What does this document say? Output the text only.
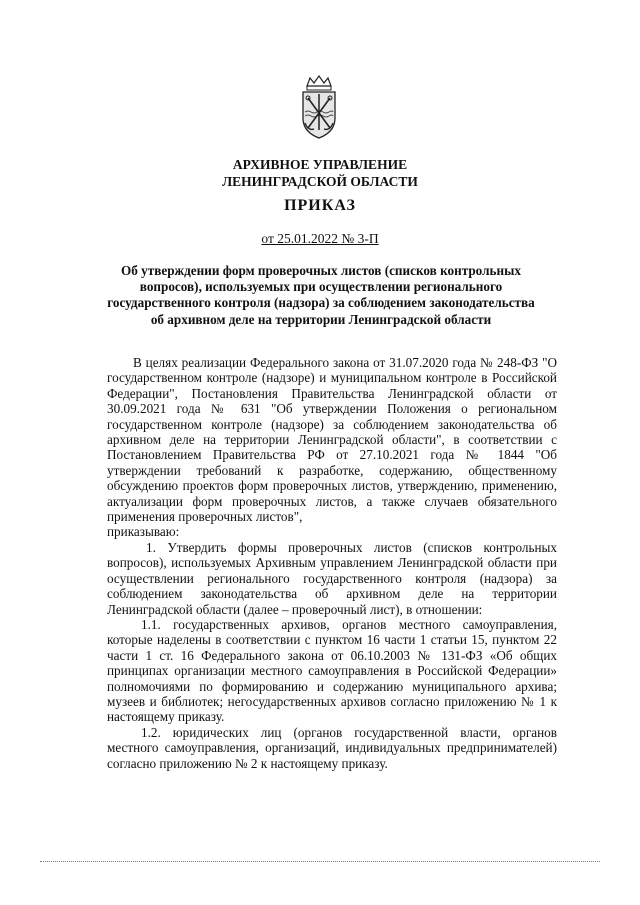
АРХИВНОЕ УПРАВЛЕНИЕ
ЛЕНИНГРАДСКОЙ ОБЛАСТИ
ПРИКАЗ
от 25.01.2022 № 3-П
Об утверждении форм проверочных листов (списков контрольных вопросов), используемых при осуществлении регионального государственного контроля (надзора) за соблюдением законодательства об архивном деле на территории Ленинградской области

В целях реализации Федерального закона от 31.07.2020 года № 248-ФЗ "О государственном контроле (надзоре) и муниципальном контроле в Российской Федерации", Постановления Правительства Ленинградской области от 30.09.2021 года № 631 "Об утверждении Положения о региональном государственном контроле (надзоре) за соблюдением законодательства об архивном деле на территории Ленинградской области", в соответствии с Постановлением Правительства РФ от 27.10.2021 года № 1844 "Об утверждении требований к разработке, содержанию, общественному обсуждению проектов форм проверочных листов, утверждению, применению, актуализации форм проверочных листов, а также случаев обязательного применения проверочных листов",

приказываю:

1. Утвердить формы проверочных листов (списков контрольных вопросов), используемых Архивным управлением Ленинградской области при осуществлении регионального государственного контроля (надзора) за соблюдением законодательства об архивном деле на территории Ленинградской области (далее – проверочный лист), в отношении:

1.1. государственных архивов, органов местного самоуправления, которые наделены в соответствии с пунктом 16 части 1 статьи 15, пунктом 22 части 1 ст. 16 Федерального закона от 06.10.2003 № 131-ФЗ «Об общих принципах организации местного самоуправления в Российской Федерации» полномочиями по формированию и содержанию муниципального архива; музеев и библиотек; негосударственных архивов согласно приложению № 1 к настоящему приказу.

1.2. юридических лиц (органов государственной власти, органов местного самоуправления, организаций, индивидуальных предпринимателей) согласно приложению № 2 к настоящему приказу.
